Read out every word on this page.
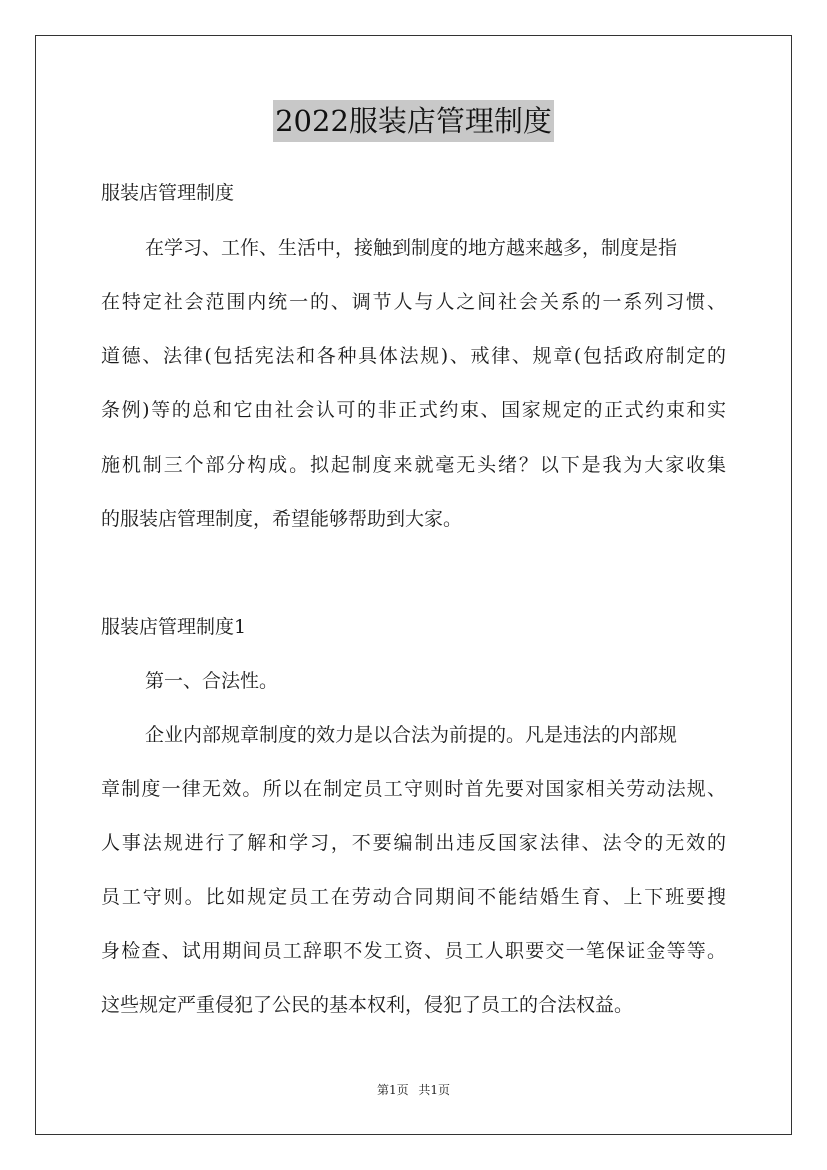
2022服装店管理制度
服装店管理制度
在学习、工作、生活中，接触到制度的地方越来越多，制度是指
在特定社会范围内统一的、调节人与人之间社会关系的一系列习惯、
道德、法律(包括宪法和各种具体法规)、戒律、规章(包括政府制定的
条例)等的总和它由社会认可的非正式约束、国家规定的正式约束和实
施机制三个部分构成。拟起制度来就毫无头绪？以下是我为大家收集
的服装店管理制度，希望能够帮助到大家。
服装店管理制度1
第一、合法性。
企业内部规章制度的效力是以合法为前提的。凡是违法的内部规
章制度一律无效。所以在制定员工守则时首先要对国家相关劳动法规、
人事法规进行了解和学习，不要编制出违反国家法律、法令的无效的
员工守则。比如规定员工在劳动合同期间不能结婚生育、上下班要搜
身检查、试用期间员工辞职不发工资、员工人职要交一笔保证金等等。
这些规定严重侵犯了公民的基本权利，侵犯了员工的合法权益。
第1页 共1页
